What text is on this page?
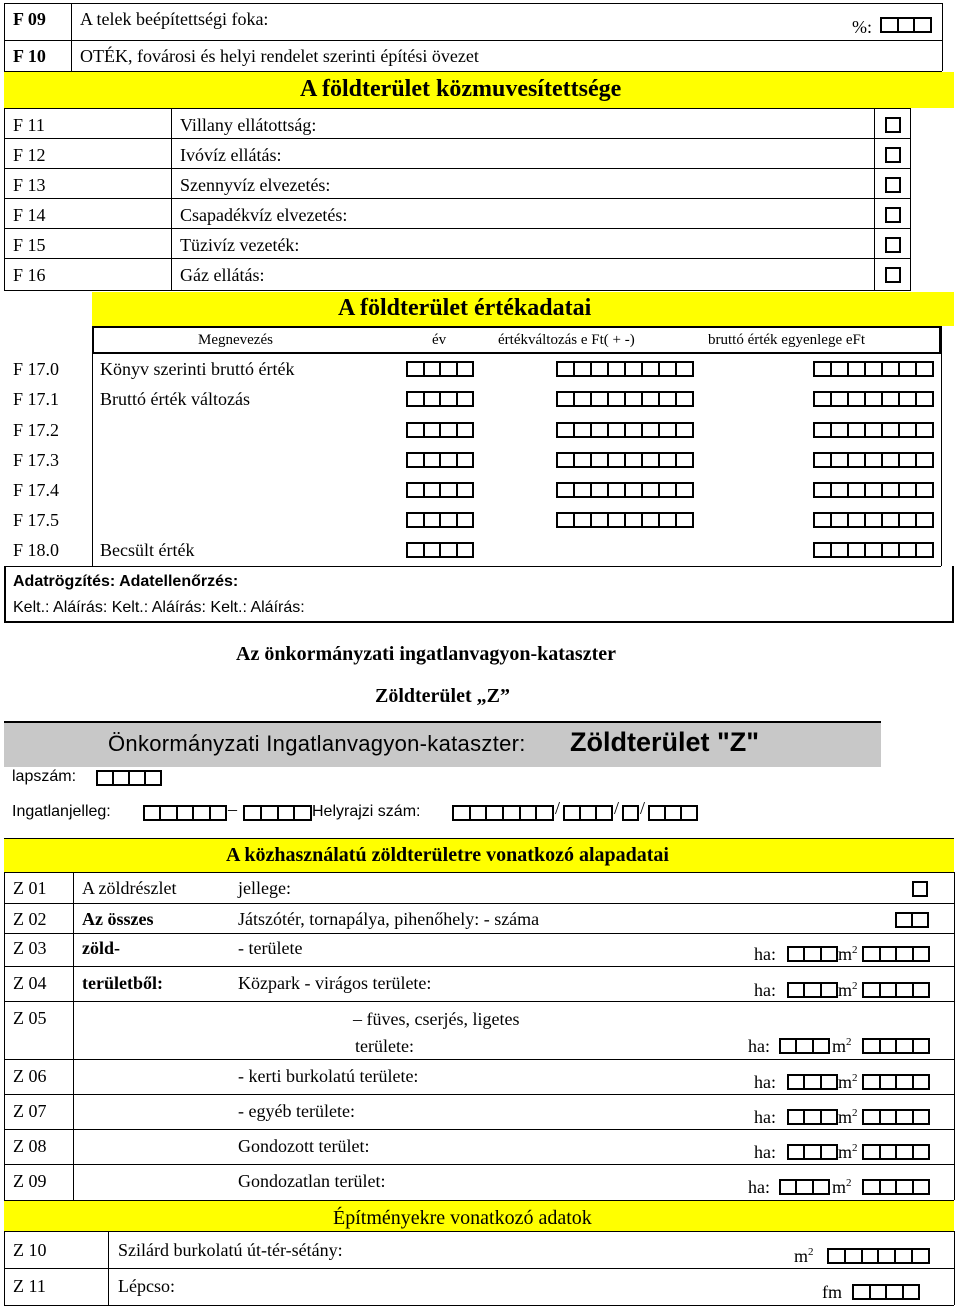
F 09 A telek beépítettségi foka:	%:
F 10 OTÉK, fovárosi és helyi rendelet szerinti építési övezet
A földterület közmuvesítettsége
F 11	Villany ellátottság:
F 12	Ivóvíz ellátás:
F 13	Szennyvíz elvezetés:
F 14	Csapadékvíz elvezetés:
F 15	Tüzivíz vezeték:
F 16	Gáz ellátás:
A földterület értékadatai
Megnevezés	év	értékváltozás e Ft( + -)	bruttó érték egyenlege eFt
F 17.0 Könyv szerinti bruttó érték
F 17.1 Bruttó érték változás
F 17.2
F 17.3
F 17.4
F 17.5
F 18.0 Becsült érték
Adatrögzítés: Adatellenőrzés:
Kelt.: Aláírás: Kelt.: Aláírás: Kelt.: Aláírás:
Az önkormányzati ingatlanvagyon-kataszter
Zöldterület „Z”
Önkormányzati Ingatlanvagyon-kataszter: Zöldterület "Z"
lapszám:
Ingatlanjelleg:	–	Helyrajzi szám:	/	/ /
A közhasználatú zöldterületre vonatkozó alapadatai
Z 01 A zöldrészlet	jellege:
Z 02 Az összes	Játszótér, tornapálya, pihenőhely: - száma
Z 03 zöld-	- területe	ha:	$m^2$
Z 04 területből:	Közpark - virágos területe:	ha:	$m^2$
Z 05	– füves, cserjés, ligetes
területe:	ha:	$m^2$
Z 06	- kerti burkolatú területe:	ha:	$m^2$
Z 07	- egyéb területe:	ha:	$m^2$
Z 08	Gondozott terület:	ha:	$m^2$
Z 09	Gondozatlan terület:	ha:	$m^2$
Építményekre vonatkozó adatok
Z 10	Szilárd burkolatú út-tér-sétány:	$m^2$
Z 11	Lépcso:	fm
